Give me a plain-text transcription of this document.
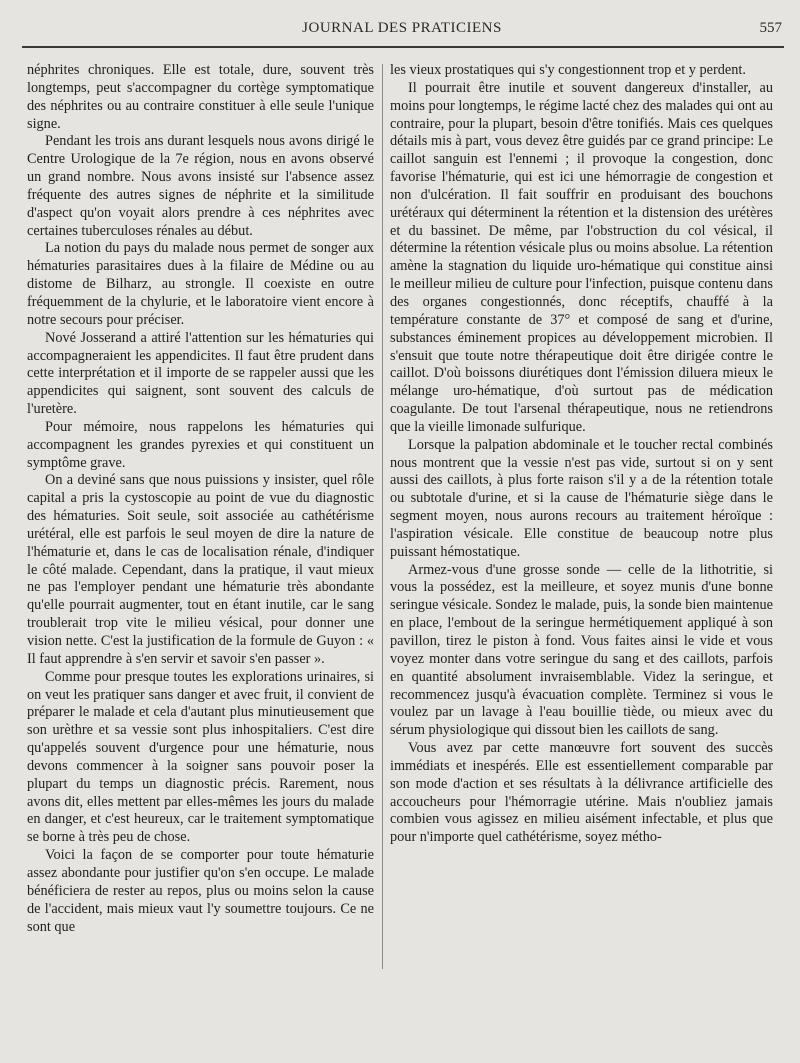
JOURNAL DES PRATICIENS	557

néphrites chroniques. Elle est totale, dure, souvent très longtemps, peut s'accompagner du cortège symptomatique des néphrites ou au contraire constituer à elle seule l'unique signe.

Pendant les trois ans durant lesquels nous avons dirigé le Centre Urologique de la 7e région, nous en avons observé un grand nombre. Nous avons insisté sur l'absence assez fréquente des autres signes de néphrite et la similitude d'aspect qu'on voyait alors prendre à ces néphrites avec certaines tuberculoses rénales au début.

La notion du pays du malade nous permet de songer aux hématuries parasitaires dues à la filaire de Médine ou au distome de Bilharz, au strongle. Il coexiste en outre fréquemment de la chylurie, et le laboratoire vient encore à notre secours pour préciser.

Nové Josserand a attiré l'attention sur les hématuries qui accompagneraient les appendicites. Il faut être prudent dans cette interprétation et il importe de se rappeler aussi que les appendicites qui saignent, sont souvent des calculs de l'uretère.

Pour mémoire, nous rappelons les hématuries qui accompagnent les grandes pyrexies et qui constituent un symptôme grave.

On a deviné sans que nous puissions y insister, quel rôle capital a pris la cystoscopie au point de vue du diagnostic des hématuries. Soit seule, soit associée au cathétérisme urétéral, elle est parfois le seul moyen de dire la nature de l'hématurie et, dans le cas de localisation rénale, d'indiquer le côté malade. Cependant, dans la pratique, il vaut mieux ne pas l'employer pendant une hématurie très abondante qu'elle pourrait augmenter, tout en étant inutile, car le sang troublerait trop vite le milieu vésical, pour donner une vision nette. C'est la justification de la formule de Guyon : « Il faut apprendre à s'en servir et savoir s'en passer ».

Comme pour presque toutes les explorations urinaires, si on veut les pratiquer sans danger et avec fruit, il convient de préparer le malade et cela d'autant plus minutieusement que son urèthre et sa vessie sont plus inhospitaliers. C'est dire qu'appelés souvent d'urgence pour une hématurie, nous devons commencer à la soigner sans pouvoir poser la plupart du temps un diagnostic précis. Rarement, nous avons dit, elles mettent par elles-mêmes les jours du malade en danger, et c'est heureux, car le traitement symptomatique se borne à très peu de chose.

Voici la façon de se comporter pour toute hématurie assez abondante pour justifier qu'on s'en occupe. Le malade bénéficiera de rester au repos, plus ou moins selon la cause de l'accident, mais mieux vaut l'y soumettre toujours. Ce ne sont que

les vieux prostatiques qui s'y congestionnent trop et y perdent.

Il pourrait être inutile et souvent dangereux d'installer, au moins pour longtemps, le régime lacté chez des malades qui ont au contraire, pour la plupart, besoin d'être tonifiés. Mais ces quelques détails mis à part, vous devez être guidés par ce grand principe: Le caillot sanguin est l'ennemi ; il provoque la congestion, donc favorise l'hématurie, qui est ici une hémorragie de congestion et non d'ulcération. Il fait souffrir en produisant des bouchons urétéraux qui déterminent la rétention et la distension des urétères et du bassinet. De même, par l'obstruction du col vésical, il détermine la rétention vésicale plus ou moins absolue. La rétention amène la stagnation du liquide uro-hématique qui constitue ainsi le meilleur milieu de culture pour l'infection, puisque contenu dans des organes congestionnés, donc réceptifs, chauffé à la température constante de 37° et composé de sang et d'urine, substances éminement propices au développement microbien. Il s'ensuit que toute notre thérapeutique doit être dirigée contre le caillot. D'où boissons diurétiques dont l'émission diluera mieux le mélange uro-hématique, d'où surtout pas de médication coagulante. De tout l'arsenal thérapeutique, nous ne retiendrons que la vieille limonade sulfurique.

Lorsque la palpation abdominale et le toucher rectal combinés nous montrent que la vessie n'est pas vide, surtout si on y sent aussi des caillots, à plus forte raison s'il y a de la rétention totale ou subtotale d'urine, et si la cause de l'hématurie siège dans le segment moyen, nous aurons recours au traitement héroïque : l'aspiration vésicale. Elle constitue de beaucoup notre plus puissant hémostatique.

Armez-vous d'une grosse sonde — celle de la lithotritie, si vous la possédez, est la meilleure, et soyez munis d'une bonne seringue vésicale. Sondez le malade, puis, la sonde bien maintenue en place, l'embout de la seringue hermétiquement appliqué à son pavillon, tirez le piston à fond. Vous faites ainsi le vide et vous voyez monter dans votre seringue du sang et des caillots, parfois en quantité absolument invraisemblable. Videz la seringue, et recommencez jusqu'à évacuation complète. Terminez si vous le voulez par un lavage à l'eau bouillie tiède, ou mieux avec du sérum physiologique qui dissout bien les caillots de sang.

Vous avez par cette manœuvre fort souvent des succès immédiats et inespérés. Elle est essentiellement comparable par son mode d'action et ses résultats à la délivrance artificielle des accoucheurs pour l'hémorragie utérine. Mais n'oubliez jamais combien vous agissez en milieu aisément infectable, et plus que pour n'importe quel cathétérisme, soyez métho-
